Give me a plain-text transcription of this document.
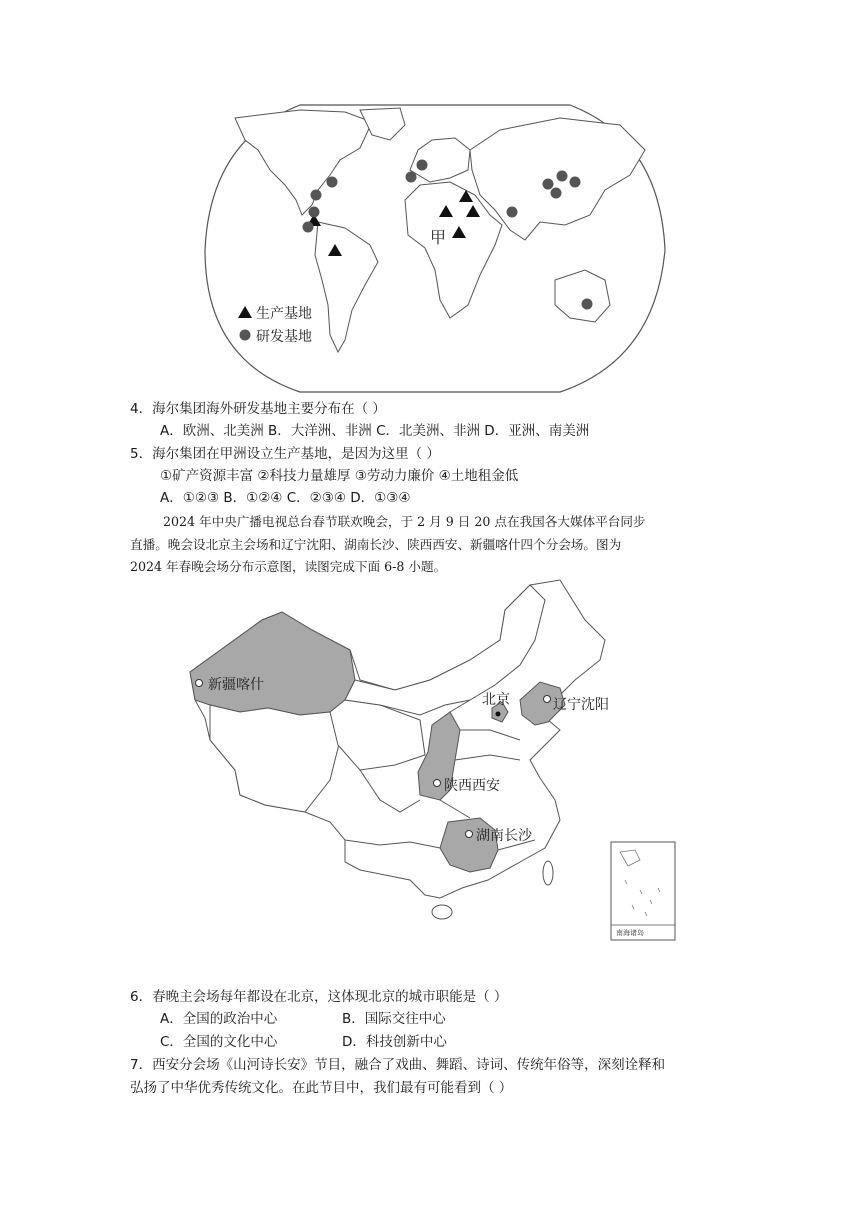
甲
生产基地
研发基地
4．海尔集团海外研发基地主要分布在（ ）
A．欧洲、北美洲 B．大洋洲、非洲 C．北美洲、非洲 D．亚洲、南美洲
5．海尔集团在甲洲设立生产基地，是因为这里（ ）
①矿产资源丰富 ②科技力量雄厚 ③劳动力廉价 ④土地租金低
A．①②③ B．①②④ C．②③④ D．①③④
2024 年中央广播电视总台春节联欢晚会，于 2 月 9 日 20 点在我国各大媒体平台同步
直播。晚会设北京主会场和辽宁沈阳、湖南长沙、陕西西安、新疆喀什四个分会场。图为
2024 年春晚会场分布示意图，读图完成下面 6-8 小题。
新疆喀什
北京	辽宁沈阳
陕西西安
湖南长沙
南海诸岛
6．春晚主会场每年都设在北京，这体现北京的城市职能是（ ）
A．全国的政治中心	B．国际交往中心
C．全国的文化中心	D．科技创新中心
7．西安分会场《山河诗长安》节目，融合了戏曲、舞蹈、诗词、传统年俗等，深刻诠释和
弘扬了中华优秀传统文化。在此节目中，我们最有可能看到（ ）
